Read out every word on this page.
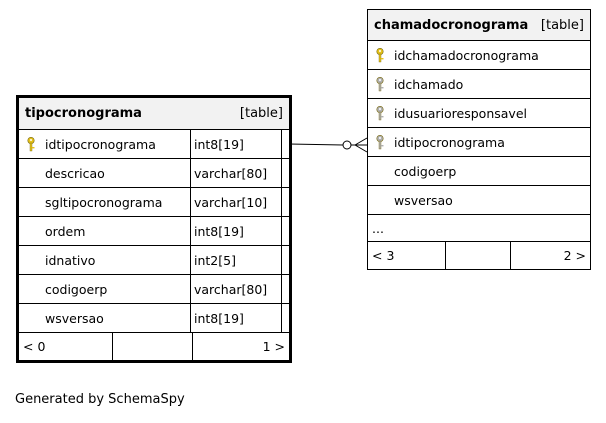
tipocronograma	[table]
idtipocronograma	int8[19]
descricao	varchar[80]
sgltipocronograma	varchar[10]
ordem	int8[19]
idnativo	int2[5]
codigoerp	varchar[80]
wsversao	int8[19]
< 0	1 >
chamadocronograma [table]
idchamadocronograma
idchamado
idusuarioresponsavel
idtipocronograma
codigoerp
wsversao
...
< 3	2 >
Generated by SchemaSpy
